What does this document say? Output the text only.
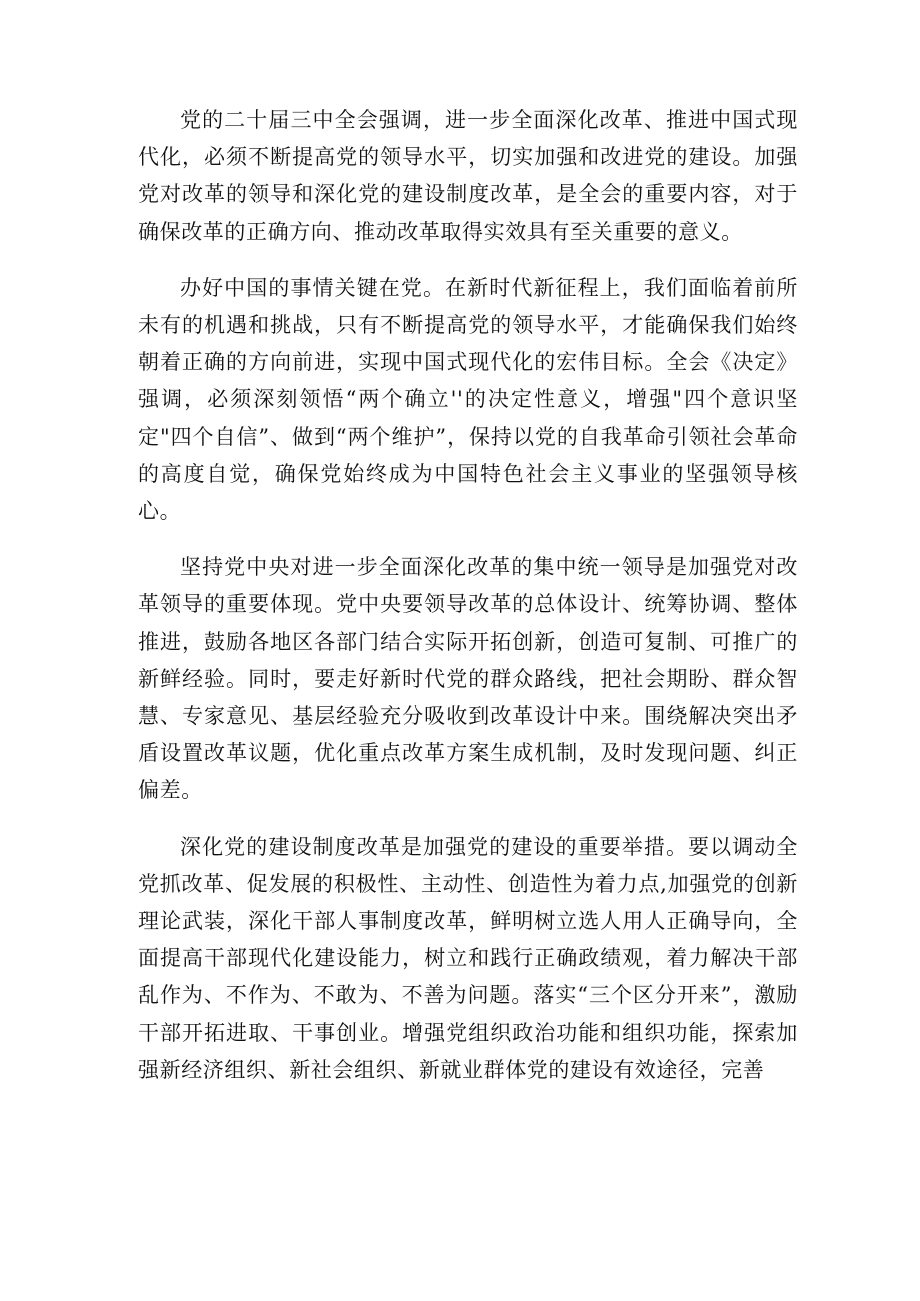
党的二十届三中全会强调，进一步全面深化改革、推进中国式现代化，必须不断提高党的领导水平，切实加强和改进党的建设。加强党对改革的领导和深化党的建设制度改革，是全会的重要内容，对于确保改革的正确方向、推动改革取得实效具有至关重要的意义。

办好中国的事情关键在党。在新时代新征程上，我们面临着前所未有的机遇和挑战，只有不断提高党的领导水平，才能确保我们始终朝着正确的方向前进，实现中国式现代化的宏伟目标。全会《决定》强调，必须深刻领悟“两个确立''的决定性意义，增强"四个意识坚定"四个自信”、做到“两个维护”，保持以党的自我革命引领社会革命的高度自觉，确保党始终成为中国特色社会主义事业的坚强领导核心。

坚持党中央对进一步全面深化改革的集中统一领导是加强党对改革领导的重要体现。党中央要领导改革的总体设计、统筹协调、整体推进，鼓励各地区各部门结合实际开拓创新，创造可复制、可推广的新鲜经验。同时，要走好新时代党的群众路线，把社会期盼、群众智慧、专家意见、基层经验充分吸收到改革设计中来。围绕解决突出矛盾设置改革议题，优化重点改革方案生成机制，及时发现问题、纠正偏差。

深化党的建设制度改革是加强党的建设的重要举措。要以调动全党抓改革、促发展的积极性、主动性、创造性为着力点,加强党的创新理论武装，深化干部人事制度改革，鲜明树立选人用人正确导向，全面提高干部现代化建设能力，树立和践行正确政绩观，着力解决干部乱作为、不作为、不敢为、不善为问题。落实“三个区分开来”，激励干部开拓进取、干事创业。增强党组织政治功能和组织功能，探索加强新经济组织、新社会组织、新就业群体党的建设有效途径，完善
